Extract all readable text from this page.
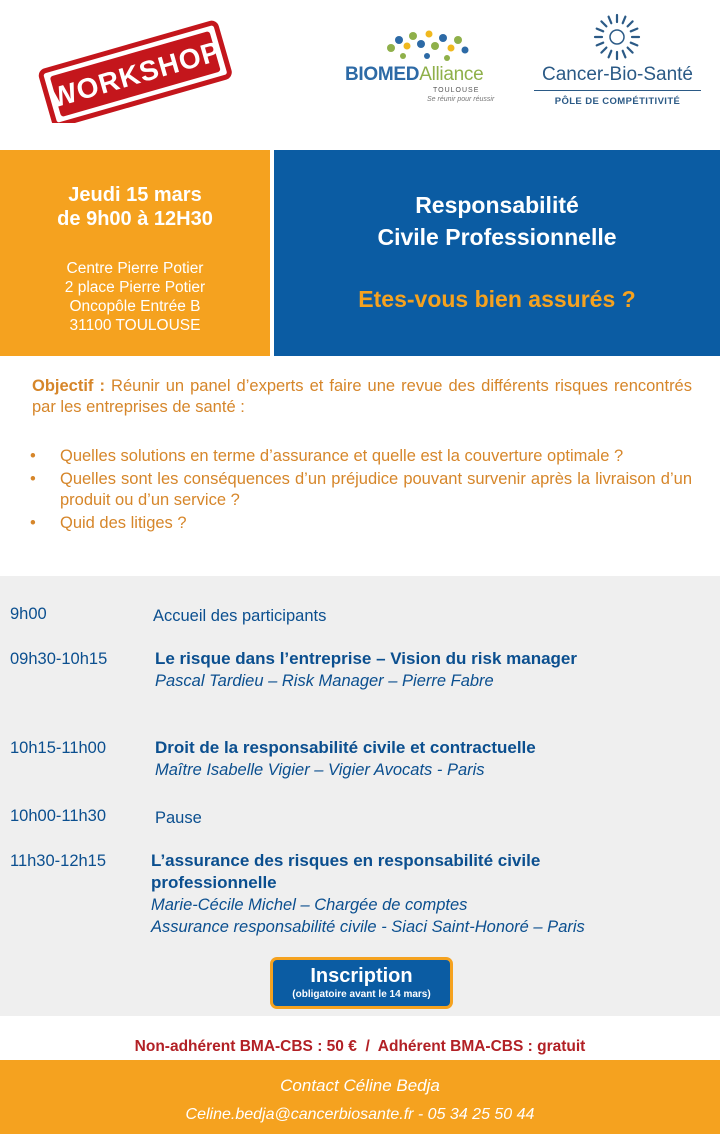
WORKSHOP	BIOMEDAlliance
TOULOUSE
Se réunir pour réussir
Cancer-Bio-Santé
PÔLE DE COMPÉTITIVITÉ
Jeudi 15 mars
de 9h00 à 12H30
Centre Pierre Potier
2 place Pierre Potier
Oncopôle Entrée B
31100 TOULOUSE
Responsabilité
Civile Professionnelle
Etes-vous bien assurés ?
Objectif : Réunir un panel d’experts et faire une revue des différents risques rencontrés par les entreprises de santé :
• Quelles solutions en terme d’assurance et quelle est la couverture optimale ?
• Quelles sont les conséquences d’un préjudice pouvant survenir après la livraison d’un produit ou d’un service ?
• Quid des litiges ?
9h00	Accueil des participants
09h30-10h15	Le risque dans l’entreprise – Vision du risk manager
Pascal Tardieu – Risk Manager – Pierre Fabre
10h15-11h00	Droit de la responsabilité civile et contractuelle
Maître Isabelle Vigier – Vigier Avocats - Paris
10h00-11h30	Pause
11h30-12h15	L’assurance des risques en responsabilité civile
professionnelle
Marie-Cécile Michel – Chargée de comptes
Assurance responsabilité civile - Siaci Saint-Honoré – Paris
Inscription
(obligatoire avant le 14 mars)
Non-adhérent BMA-CBS : 50 €  /  Adhérent BMA-CBS : gratuit
Contact Céline Bedja
Celine.bedja@cancerbiosante.fr - 05 34 25 50 44
